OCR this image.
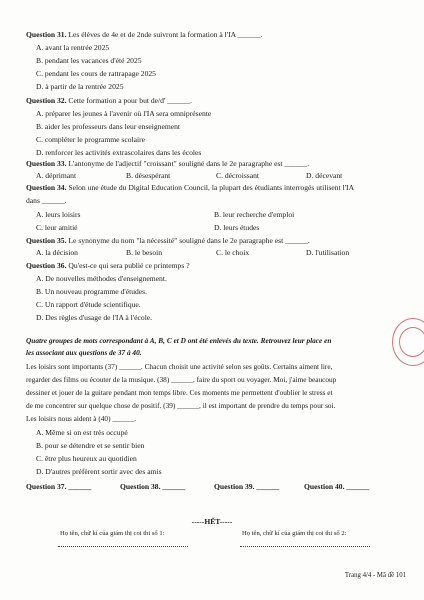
Question 31. Les élèves de 4e et de 2nde suivront la formation à l'IA ______.
A. avant la rentrée 2025
B. pendant les vacances d'été 2025
C. pendant les cours de rattrapage 2025
D. à partir de la rentrée 2025
Question 32. Cette formation a pour but de/d' ______.
A. préparer les jeunes à l'avenir où l'IA sera omniprésente
B. aider les professeurs dans leur enseignement
C. compléter le programme scolaire
D. renforcer les activités extrascolaires dans les écoles
Question 33. L'antonyme de l'adjectif "croissant" souligné dans le 2e paragraphe est ______.
A. déprimant	B. désespérant	C. décroissant	D. décevant
Question 34. Selon une étude du Digital Education Council, la plupart des étudiants interrogés utilisent l'IA
dans ______.
A. leurs loisirs	B. leur recherche d'emploi
C. leur amitié	D. leurs études
Question 35. Le synonyme du nom "la nécessité" souligné dans le 2e paragraphe est ______.
A. la décision	B. le besoin	C. le choix	D. l'utilisation
Question 36. Qu'est-ce qui sera publié ce printemps ?
A. De nouvelles méthodes d'enseignement.
B. Un nouveau programme d'études.
C. Un rapport d'étude scientifique.
D. Des règles d'usage de l'IA à l'école.
Quatre groupes de mots correspondant à A, B, C et D ont été enlevés du texte. Retrouvez leur place en
les associant aux questions de 37 à 40.
Les loisirs sont importants (37) ______. Chacun choisit une activité selon ses goûts. Certains aiment lire,
regarder des films ou écouter de la musique. (38) ______, faire du sport ou voyager. Moi, j'aime beaucoup
dessiner et jouer de la guitare pendant mon temps libre. Ces moments me permettent d'oublier le stress et
de me concentrer sur quelque chose de positif. (39) ______, il est important de prendre du temps pour soi.
Les loisirs nous aident à (40) ______.
A. Même si on est très occupé
B. pour se détendre et se sentir bien
C. être plus heureux au quotidien
D. D'autres préfèrent sortir avec des amis
Question 37. ______	Question 38. ______	Question 39. ______	Question 40. ______
-----HẾT-----
Họ tên, chữ kí của giám thị coi thi số 1:	Họ tên, chữ kí của giám thị coi thi số 2:
Trang 4/4 - Mã đề 101
